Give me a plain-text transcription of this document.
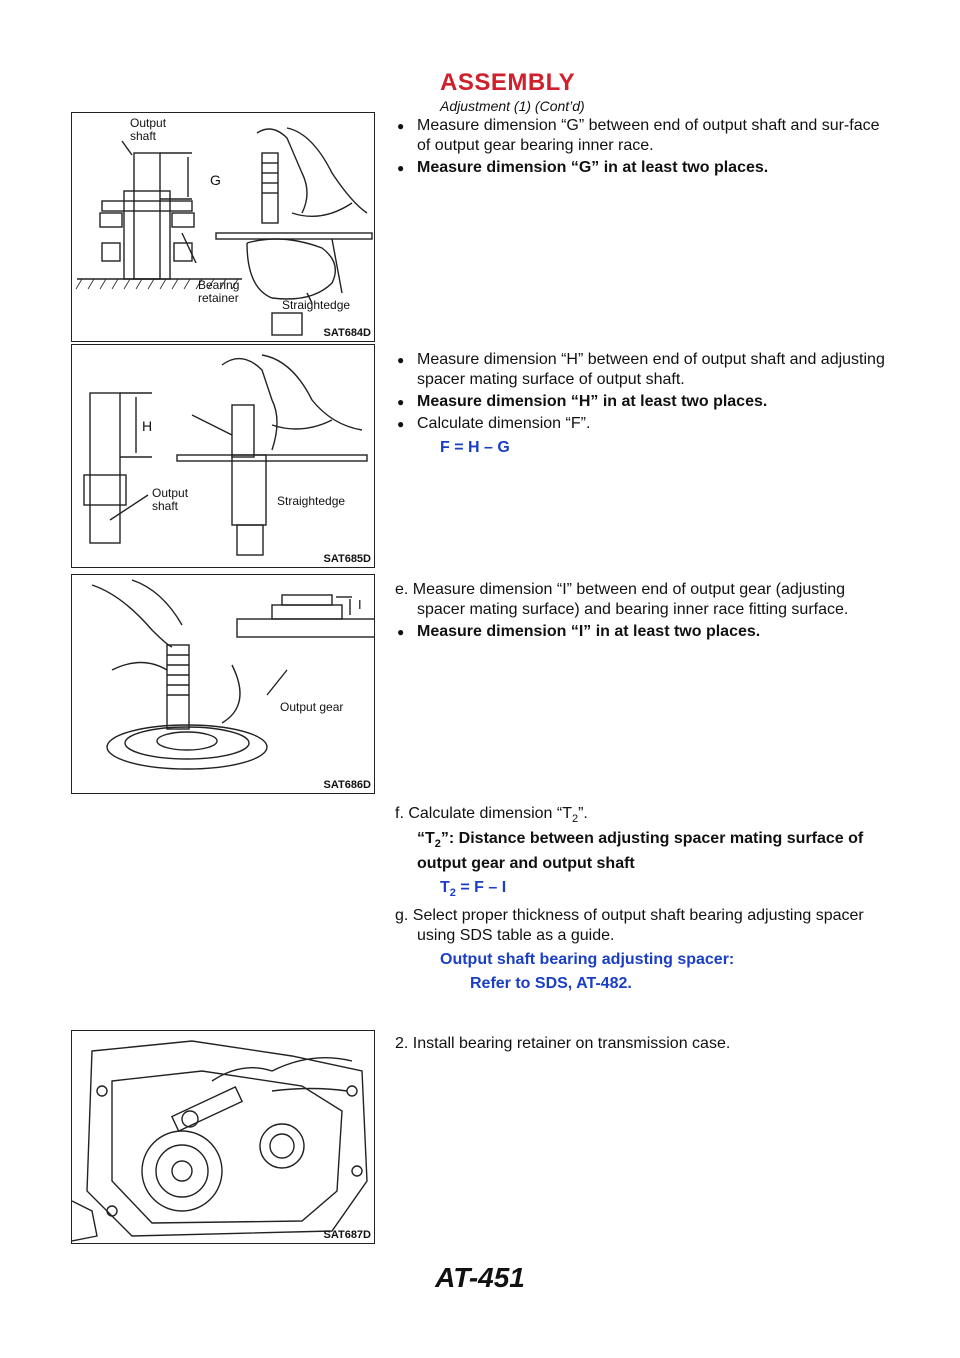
ASSEMBLY
Adjustment (1) (Cont’d)
Output
shaft
G
Bearing
retainer	Straightedge
SAT684D
H
Output
shaft	Straightedge
SAT685D
I
Output gear
SAT686D
SAT687D
● Measure dimension “G” between end of output shaft and sur-face of output gear bearing inner race.
● Measure dimension “G” in at least two places.
● Measure dimension “H” between end of output shaft and adjusting spacer mating surface of output shaft.
● Measure dimension “H” in at least two places.
● Calculate dimension “F”.
F = H – G
e. Measure dimension “I” between end of output gear (adjusting spacer mating surface) and bearing inner race fitting surface.
● Measure dimension “I” in at least two places.
f. Calculate dimension “$T_2$”.
“$T_2$”: Distance between adjusting spacer mating surface of output gear and output shaft
$T_2 = F - I$
g. Select proper thickness of output shaft bearing adjusting spacer using SDS table as a guide.
Output shaft bearing adjusting spacer:
Refer to SDS, AT-482.
2. Install bearing retainer on transmission case.
AT-451
